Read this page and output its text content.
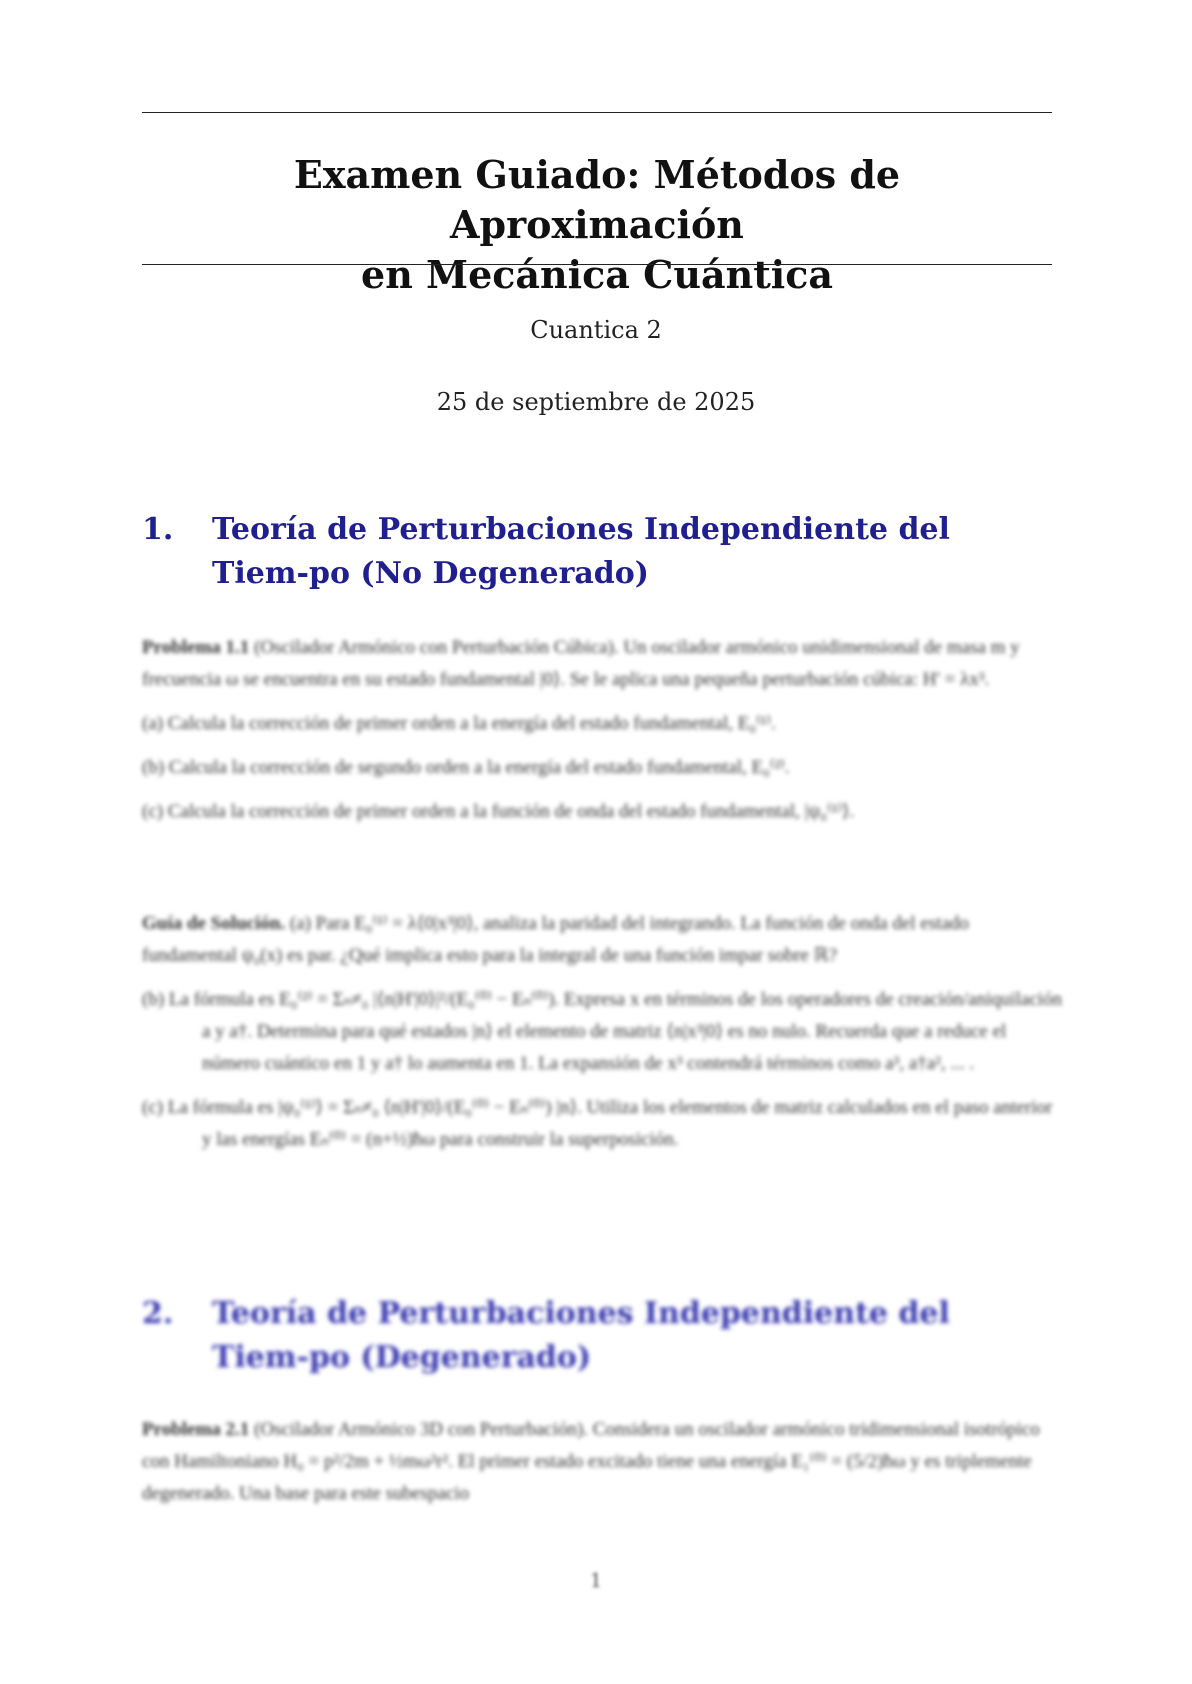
Examen Guiado: Métodos de Aproximación
en Mecánica Cuántica
Cuantica 2
25 de septiembre de 2025
1. Teoría de Perturbaciones Independiente del Tiem-po (No Degenerado)

Problema 1.1 (Oscilador Armónico con Perturbación Cúbica). Un oscilador armónico unidimensional de masa m y frecuencia ω se encuentra en su estado fundamental |0⟩. Se le aplica una pequeña perturbación cúbica: H' = λx³.

(a) Calcula la corrección de primer orden a la energía del estado fundamental, E₀⁽¹⁾.

(b) Calcula la corrección de segundo orden a la energía del estado fundamental, E₀⁽²⁾.

(c) Calcula la corrección de primer orden a la función de onda del estado fundamental, |ψ₀⁽¹⁾⟩.

Guía de Solución. (a) Para E₀⁽¹⁾ = λ⟨0|x³|0⟩, analiza la paridad del integrando. La función de onda del estado fundamental ψ₀(x) es par. ¿Qué implica esto para la integral de una función impar sobre ℝ?

(b) La fórmula es E₀⁽²⁾ = Σₙ≠₀ |⟨n|H'|0⟩|²/(E₀⁽⁰⁾ − Eₙ⁽⁰⁾). Expresa x en términos de los operadores de creación/aniquilación a y a†. Determina para qué estados |n⟩ el elemento de matriz ⟨n|x³|0⟩ es no nulo. Recuerda que a reduce el número cuántico en 1 y a† lo aumenta en 1. La expansión de x³ contendrá términos como a³, a†a², ... .

(c) La fórmula es |ψ₀⁽¹⁾⟩ = Σₙ≠₀ ⟨n|H'|0⟩/(E₀⁽⁰⁾ − Eₙ⁽⁰⁾) |n⟩. Utiliza los elementos de matriz calculados en el paso anterior y las energías Eₙ⁽⁰⁾ = (n+½)ħω para construir la superposición.

2. Teoría de Perturbaciones Independiente del Tiem-po (Degenerado)

Problema 2.1 (Oscilador Armónico 3D con Perturbación). Considera un oscilador armónico tridimensional isotrópico con Hamiltoniano H₀ = p²/2m + ½mω²r². El primer estado excitado tiene una energía E₁⁽⁰⁾ = (5/2)ħω y es triplemente degenerado. Una base para este subespacio

1
